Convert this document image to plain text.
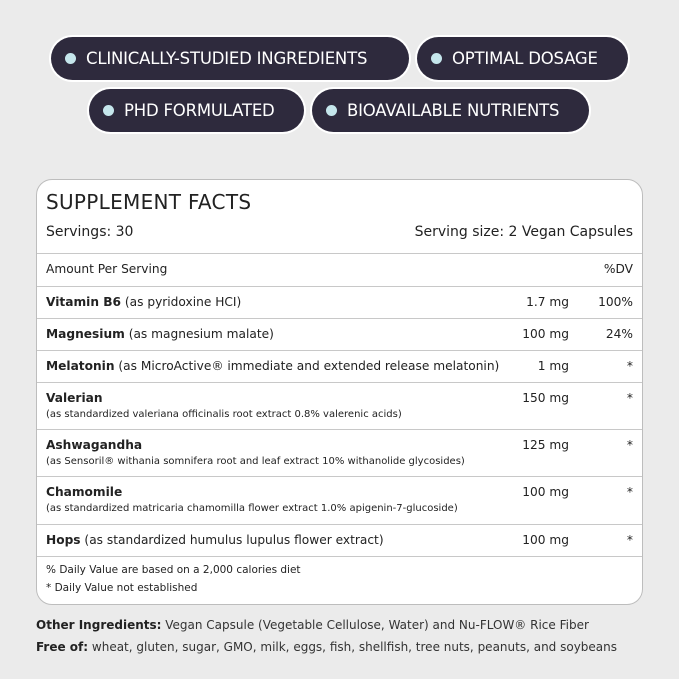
CLINICALLY-STUDIED INGREDIENTS	OPTIMAL DOSAGE
PHD FORMULATED	BIOAVAILABLE NUTRIENTS
SUPPLEMENT FACTS
Servings: 30	Serving size: 2 Vegan Capsules
Amount Per Serving	%DV
Vitamin B6 (as pyridoxine HCI)	1.7 mg 100%
Magnesium (as magnesium malate)	100 mg	24%
Melatonin (as MicroActive® immediate and extended release melatonin)	1 mg	*
Valerian
(as standardized valeriana officinalis root extract 0.8% valerenic acids)
150 mg	*
Ashwagandha
(as Sensoril® withania somnifera root and leaf extract 10% withanolide glycosides)
125 mg	*
Chamomile
(as standardized matricaria chamomilla flower extract 1.0% apigenin-7-glucoside)
100 mg	*
Hops (as standardized humulus lupulus flower extract)	100 mg	*
% Daily Value are based on a 2,000 calories diet
* Daily Value not established
Other Ingredients: Vegan Capsule (Vegetable Cellulose, Water) and Nu-FLOW® Rice Fiber
Free of: wheat, gluten, sugar, GMO, milk, eggs, fish, shellfish, tree nuts, peanuts, and soybeans
